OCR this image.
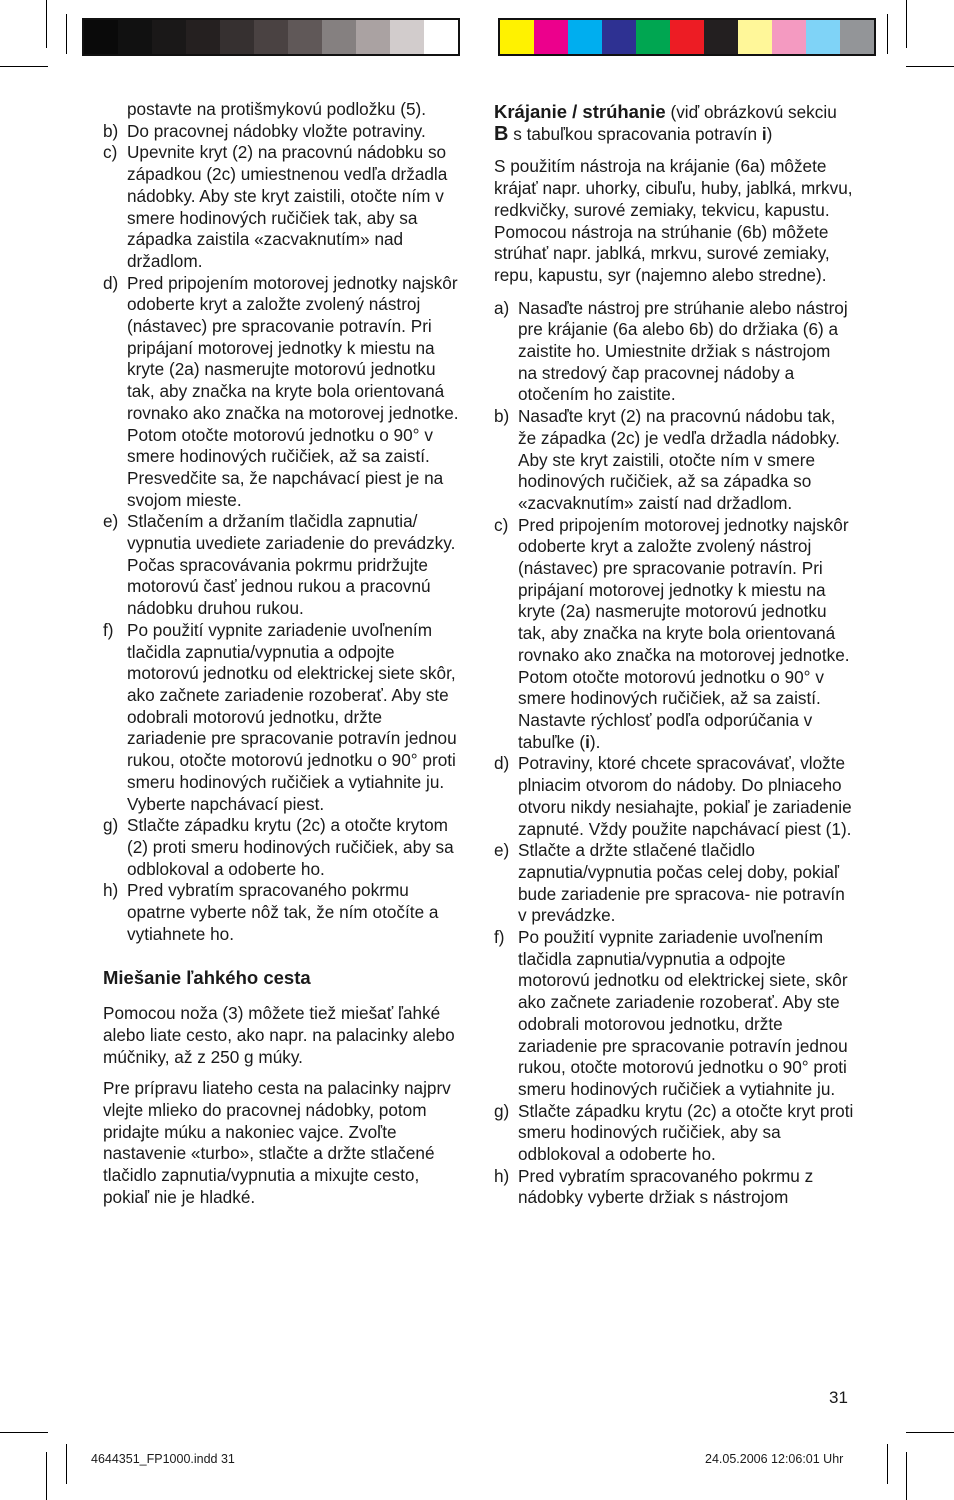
postavte na protišmykovú podložku (5).
b) Do pracovnej nádobky vložte potraviny.
c) Upevnite kryt (2) na pracovnú nádobku so západkou (2c) umiestnenou vedľa držadla nádobky. Aby ste kryt zaistili, otočte ním v smere hodinových ručičiek tak, aby sa západka zaistila «zacvaknutím» nad držadlom.
d) Pred pripojením motorovej jednotky najskôr odoberte kryt a založte zvolený nástroj (nástavec) pre spracovanie potravín. Pri pripájaní motorovej jednotky k miestu na kryte (2a) nasmerujte motorovú jednotku tak, aby značka na kryte bola orientovaná rovnako ako značka na motorovej jednotke. Potom otočte motorovú jednotku o 90° v smere hodinových ručičiek, až sa zaistí. Presvedčite sa, že napchávací piest je na svojom mieste.
e) Stlačením a držaním tlačidla zapnutia/ vypnutia uvediete zariadenie do prevádzky. Počas spracovávania pokrmu pridržujte motorovú časť jednou rukou a pracovnú nádobku druhou rukou.
f) Po použití vypnite zariadenie uvoľnením tlačidla zapnutia/vypnutia a odpojte motorovú jednotku od elektrickej siete skôr, ako začnete zariadenie rozoberať. Aby ste odobrali motorovú jednotku, držte zariadenie pre spracovanie potravín jednou rukou, otočte motorovú jednotku o 90° proti smeru hodinových ručičiek a vytiahnite ju. Vyberte napchávací piest.
g) Stlačte západku krytu (2c) a otočte krytom (2) proti smeru hodinových ručičiek, aby sa odblokoval a odoberte ho.
h) Pred vybratím spracovaného pokrmu opatrne vyberte nôž tak, že ním otočíte a vytiahnete ho.

Miešanie ľahkého cesta

Pomocou noža (3) môžete tiež miešať ľahké alebo liate cesto, ako napr. na palacinky alebo múčniky, až z 250 g múky.

Pre prípravu liateho cesta na palacinky najprv vlejte mlieko do pracovnej nádobky, potom pridajte múku a nakoniec vajce. Zvoľte nastavenie «turbo», stlačte a držte stlačené tlačidlo zapnutia/vypnutia a mixujte cesto, pokiaľ nie je hladké.

Krájanie / strúhanie (viď obrázkovú sekciu B s tabuľkou spracovania potravín i)

S použitím nástroja na krájanie (6a) môžete krájať napr. uhorky, cibuľu, huby, jablká, mrkvu, redkvičky, surové zemiaky, tekvicu, kapustu. Pomocou nástroja na strúhanie (6b) môžete strúhať napr. jablká, mrkvu, surové zemiaky, repu, kapustu, syr (najemno alebo stredne).

a) Nasaďte nástroj pre strúhanie alebo nástroj pre krájanie (6a alebo 6b) do držiaka (6) a zaistite ho. Umiestnite držiak s nástrojom na stredový čap pracovnej nádoby a otočením ho zaistite.
b) Nasaďte kryt (2) na pracovnú nádobu tak, že západka (2c) je vedľa držadla nádobky. Aby ste kryt zaistili, otočte ním v smere hodinových ručičiek, až sa západka so «zacvaknutím» zaistí nad držadlom.
c) Pred pripojením motorovej jednotky najskôr odoberte kryt a založte zvolený nástroj (nástavec) pre spracovanie potravín. Pri pripájaní motorovej jednotky k miestu na kryte (2a) nasmerujte motorovú jednotku tak, aby značka na kryte bola orientovaná rovnako ako značka na motorovej jednotke. Potom otočte motorovú jednotku o 90° v smere hodinových ručičiek, až sa zaistí. Nastavte rýchlosť podľa odporúčania v tabuľke (i).
d) Potraviny, ktoré chcete spracovávať, vložte plniacim otvorom do nádoby. Do plniaceho otvoru nikdy nesiahajte, pokiaľ je zariadenie zapnuté. Vždy použite napchávací piest (1).
e) Stlačte a držte stlačené tlačidlo zapnutia/vypnutia počas celej doby, pokiaľ bude zariadenie pre spracova- nie potravín v prevádzke.
f) Po použití vypnite zariadenie uvoľnením tlačidla zapnutia/vypnutia a odpojte motorovú jednotku od elektrickej siete, skôr ako začnete zariadenie rozoberať. Aby ste odobrali motorovou jednotku, držte zariadenie pre spracovanie potravín jednou rukou, otočte motorovú jednotku o 90° proti smeru hodinových ručičiek a vytiahnite ju.
g) Stlačte západku krytu (2c) a otočte kryt proti smeru hodinových ručičiek, aby sa odblokoval a odoberte ho.
h) Pred vybratím spracovaného pokrmu z nádobky vyberte držiak s nástrojom
31
4644351_FP1000.indd 31	24.05.2006 12:06:01 Uhr
